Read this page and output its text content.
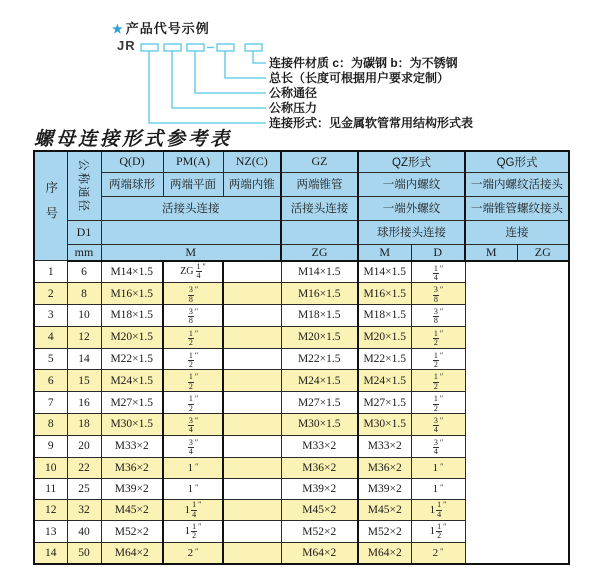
★ 产品代号示例
JR
连接件材质 c：为碳钢 b：为不锈钢
总长（长度可根据用户要求定制）
公称通径
公称压力
连接形式：见金属软管常用结构形式表
螺母连接形式参考表
序号	公称通径	Q(D)	PM(A)	NZ(C)	GZ	QZ形式		QG形式	
		两端球形	两端平面	两端内锥	两端锥管	一端内螺纹		一端内螺纹活接头	
		活接头连接			活接头连接	一端外螺纹		一端锥管螺纹接头	
	D1					球形接头连接		连接	
	mm	M			ZG	M	D	M	ZG
1	6	M14×1.5	ZG $\frac{1}{4}$ ″		M14×1.5	M14×1.5	$\frac{1}{4}$ ″		

2	8	M16×1.5	$\frac{3}{8}$ ″		M16×1.5	M16×1.5	$\frac{3}{8}$ ″		

3	10	M18×1.5	$\frac{3}{8}$ ″		M18×1.5	M18×1.5	$\frac{3}{8}$ ″		

4	12	M20×1.5	$\frac{1}{2}$ ″		M20×1.5	M20×1.5	$\frac{1}{2}$ ″		

5	14	M22×1.5	$\frac{1}{2}$ ″		M22×1.5	M22×1.5	$\frac{1}{2}$ ″		

6	15	M24×1.5	$\frac{1}{2}$ ″		M24×1.5	M24×1.5	$\frac{1}{2}$ ″		

7	16	M27×1.5	$\frac{1}{2}$ ″		M27×1.5	M27×1.5	$\frac{1}{2}$ ″		

8	18	M30×1.5	$\frac{3}{4}$ ″		M30×1.5	M30×1.5	$\frac{3}{4}$ ″		

9	20	M33×2	$\frac{3}{4}$ ″		M33×2	M33×2	$\frac{3}{4}$ ″		

10	22	M36×2	1 ″		M36×2	M36×2	1 ″		

11	25	M39×2	1 ″		M39×2	M39×2	1 ″		

12	32	M45×2	$1 \frac{1}{4}$ ″		M45×2	M45×2	$1 \frac{1}{4}$ ″		

13	40	M52×2	$1 \frac{1}{2}$ ″		M52×2	M52×2	$1 \frac{1}{2}$ ″		

14	50	M64×2	2 ″		M64×2	M64×2	2 ″		
